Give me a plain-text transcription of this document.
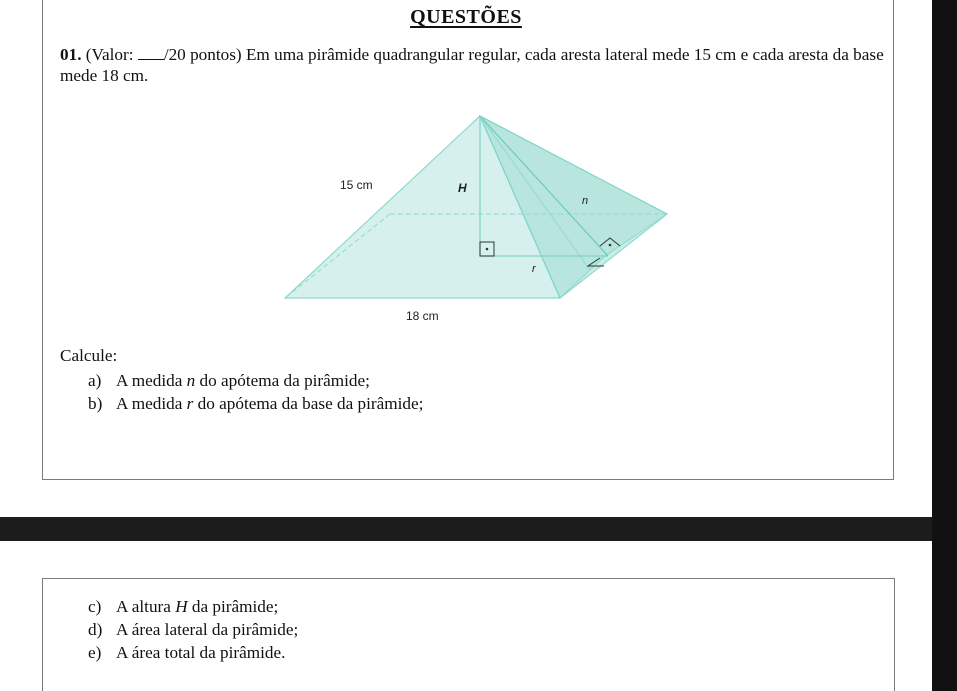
QUESTÕES
01. (Valor: /20 pontos) Em uma pirâmide quadrangular regular, cada aresta lateral mede 15 cm e cada aresta da base mede 18 cm.
15 cm	H
n
r
18 cm
Calcule:
a) A medida n do apótema da pirâmide;
b) A medida r do apótema da base da pirâmide;
c) A altura H da pirâmide;
d) A área lateral da pirâmide;
e) A área total da pirâmide.
